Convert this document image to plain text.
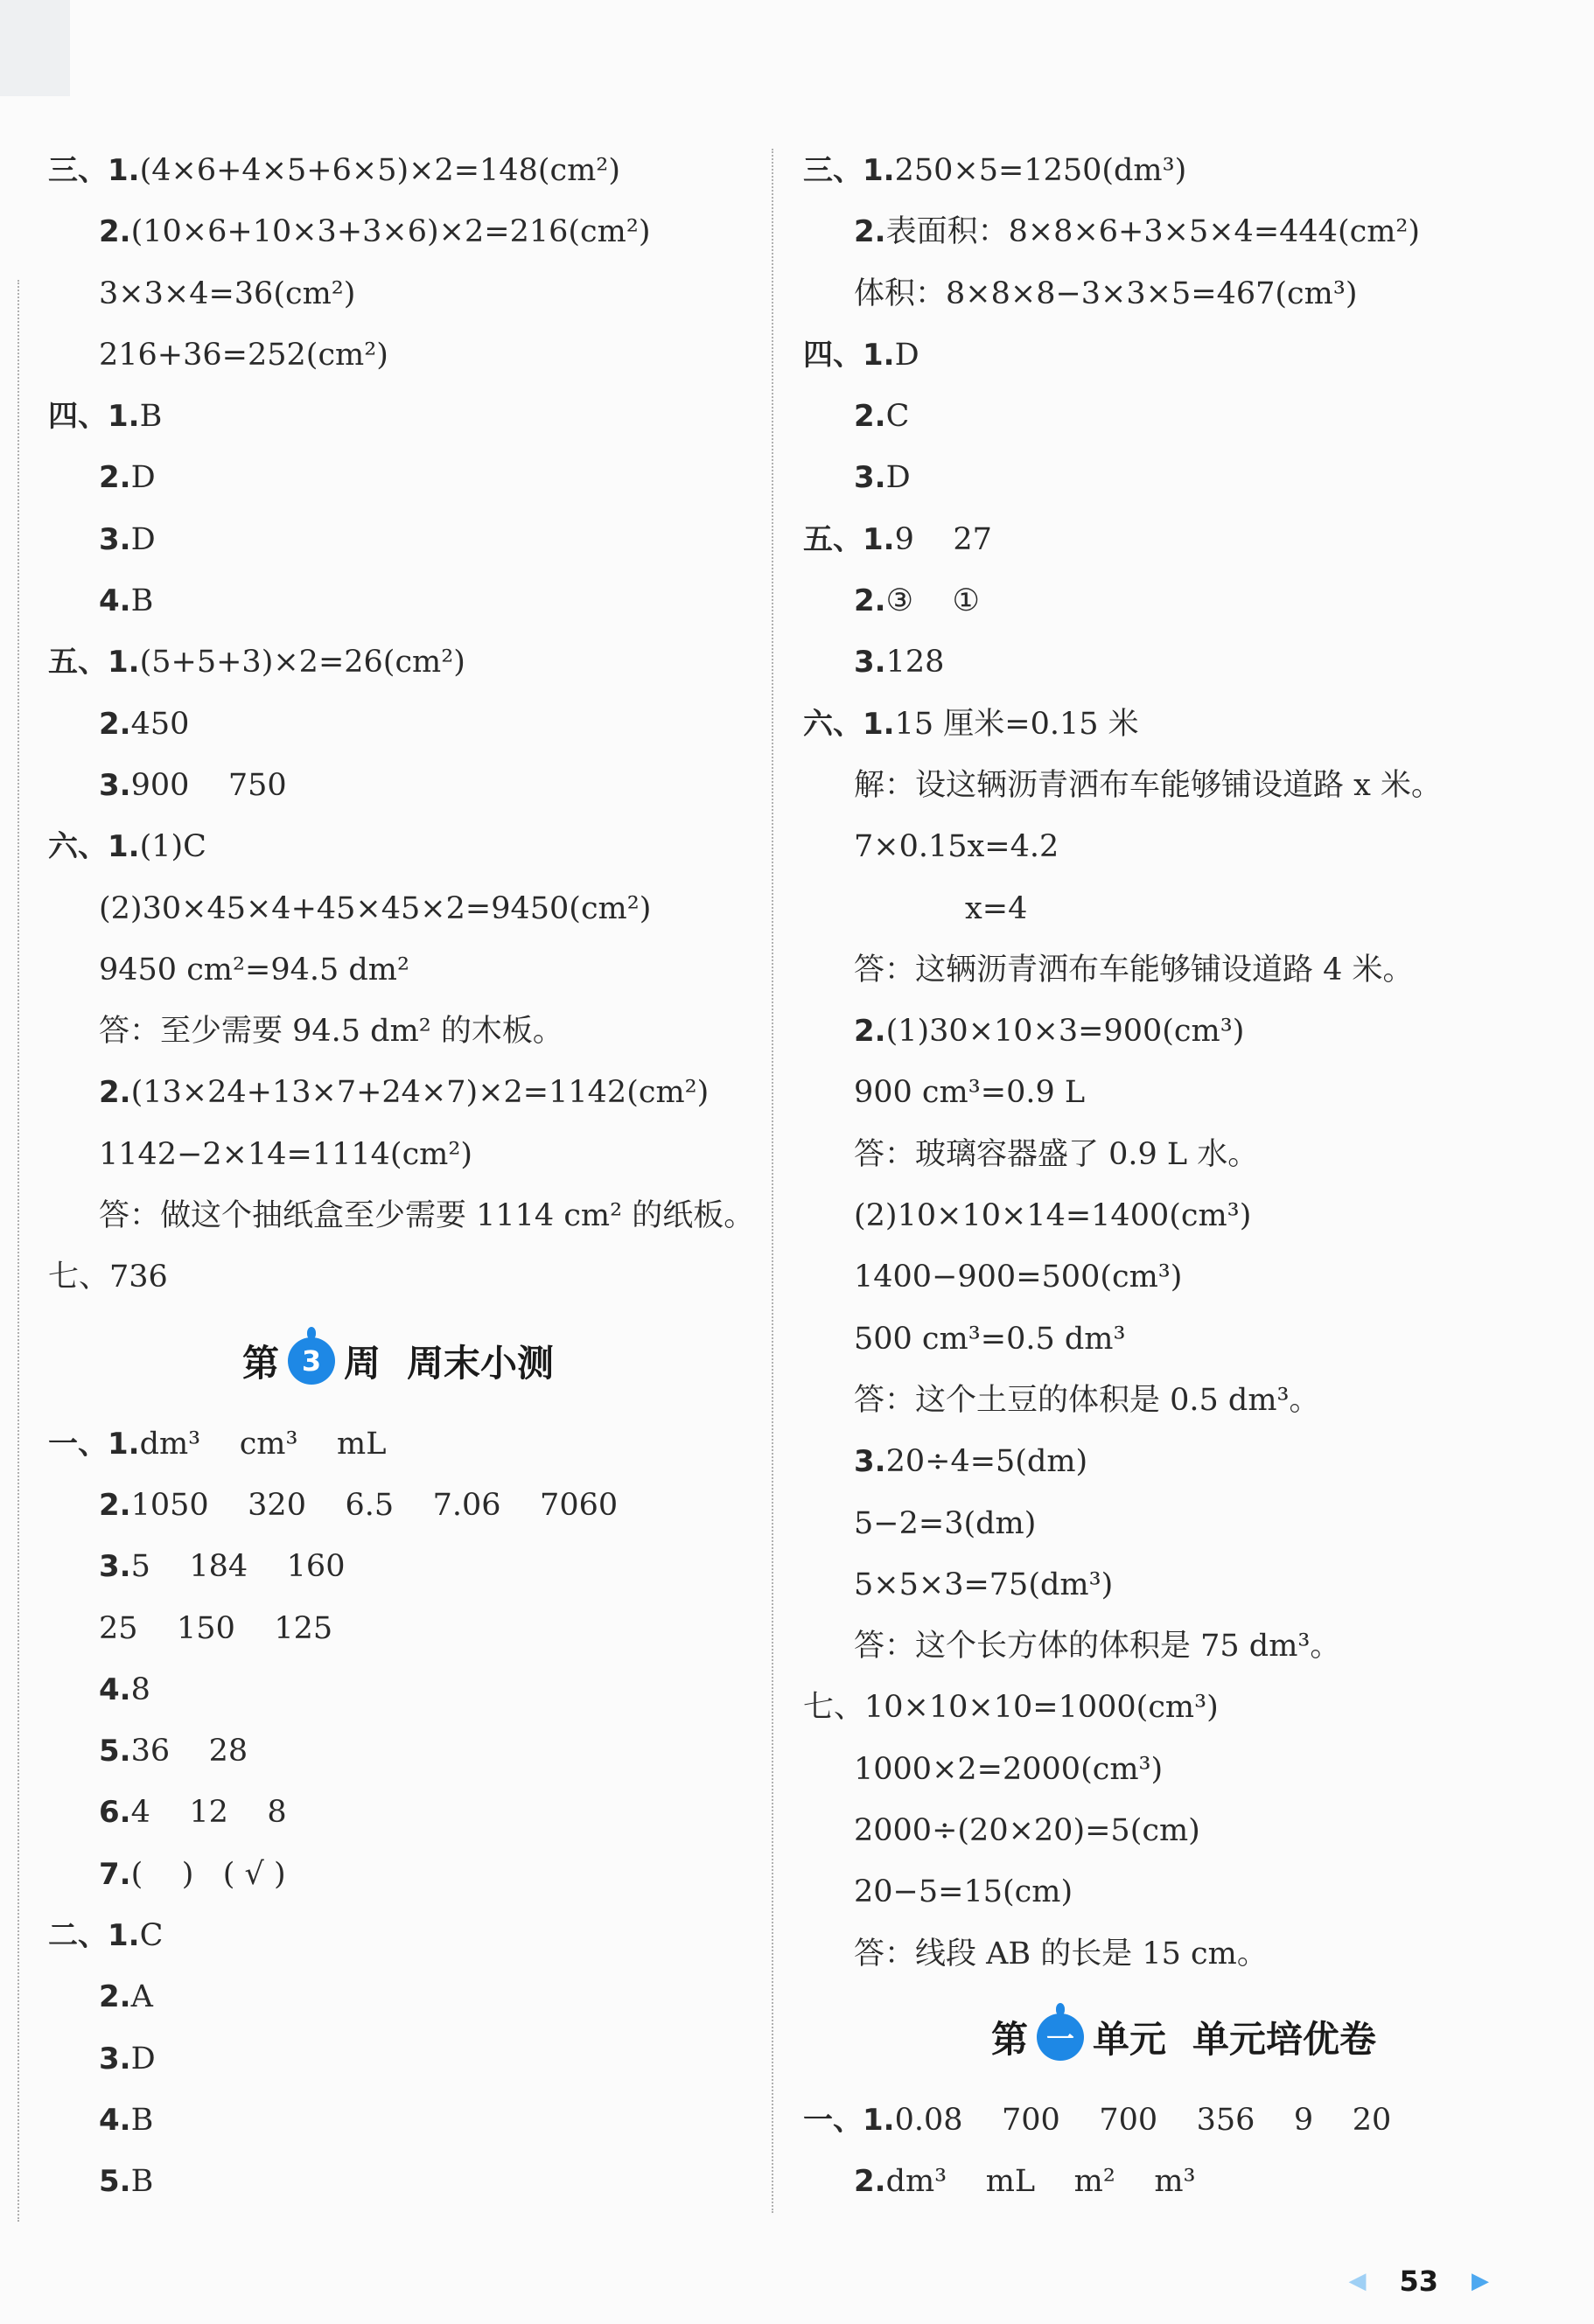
三、1.(4×6+4×5+6×5)×2=148(cm²)
2.(10×6+10×3+3×6)×2=216(cm²)
3×3×4=36(cm²)
216+36=252(cm²)
四、1.B
2.D
3.D
4.B
五、1.(5+5+3)×2=26(cm²)
2.450
3.900    750
六、1.(1)C
(2)30×45×4+45×45×2=9450(cm²)
9450 cm²=94.5 dm²
答：至少需要 94.5 dm² 的木板。
2.(13×24+13×7+24×7)×2=1142(cm²)
1142−2×14=1114(cm²)
答：做这个抽纸盒至少需要 1114 cm² 的纸板。
七、736
第 3 周 周末小测
一、1.dm³    cm³    mL
2.1050    320    6.5    7.06    7060
3.5    184    160
25    150    125
4.8
5.36    28
6.4    12    8
7.(    )   ( √ )
二、1.C
2.A
3.D
4.B
5.B
三、1.250×5=1250(dm³)
2.表面积：8×8×6+3×5×4=444(cm²)
体积：8×8×8−3×3×5=467(cm³)
四、1.D
2.C
3.D
五、1.9    27
2.③    ①
3.128
六、1.15 厘米=0.15 米
解：设这辆沥青洒布车能够铺设道路 x 米。
7×0.15x=4.2
x=4
答：这辆沥青洒布车能够铺设道路 4 米。
2.(1)30×10×3=900(cm³)
900 cm³=0.9 L
答：玻璃容器盛了 0.9 L 水。
(2)10×10×14=1400(cm³)
1400−900=500(cm³)
500 cm³=0.5 dm³
答：这个土豆的体积是 0.5 dm³。
3.20÷4=5(dm)
5−2=3(dm)
5×5×3=75(dm³)
答：这个长方体的体积是 75 dm³。
七、10×10×10=1000(cm³)
1000×2=2000(cm³)
2000÷(20×20)=5(cm)
20−5=15(cm)
答：线段 AB 的长是 15 cm。
第 一 单元 单元培优卷
一、1.0.08    700    700    356    9    20
2.dm³    mL    m²    m³
◀ 53 ▶
